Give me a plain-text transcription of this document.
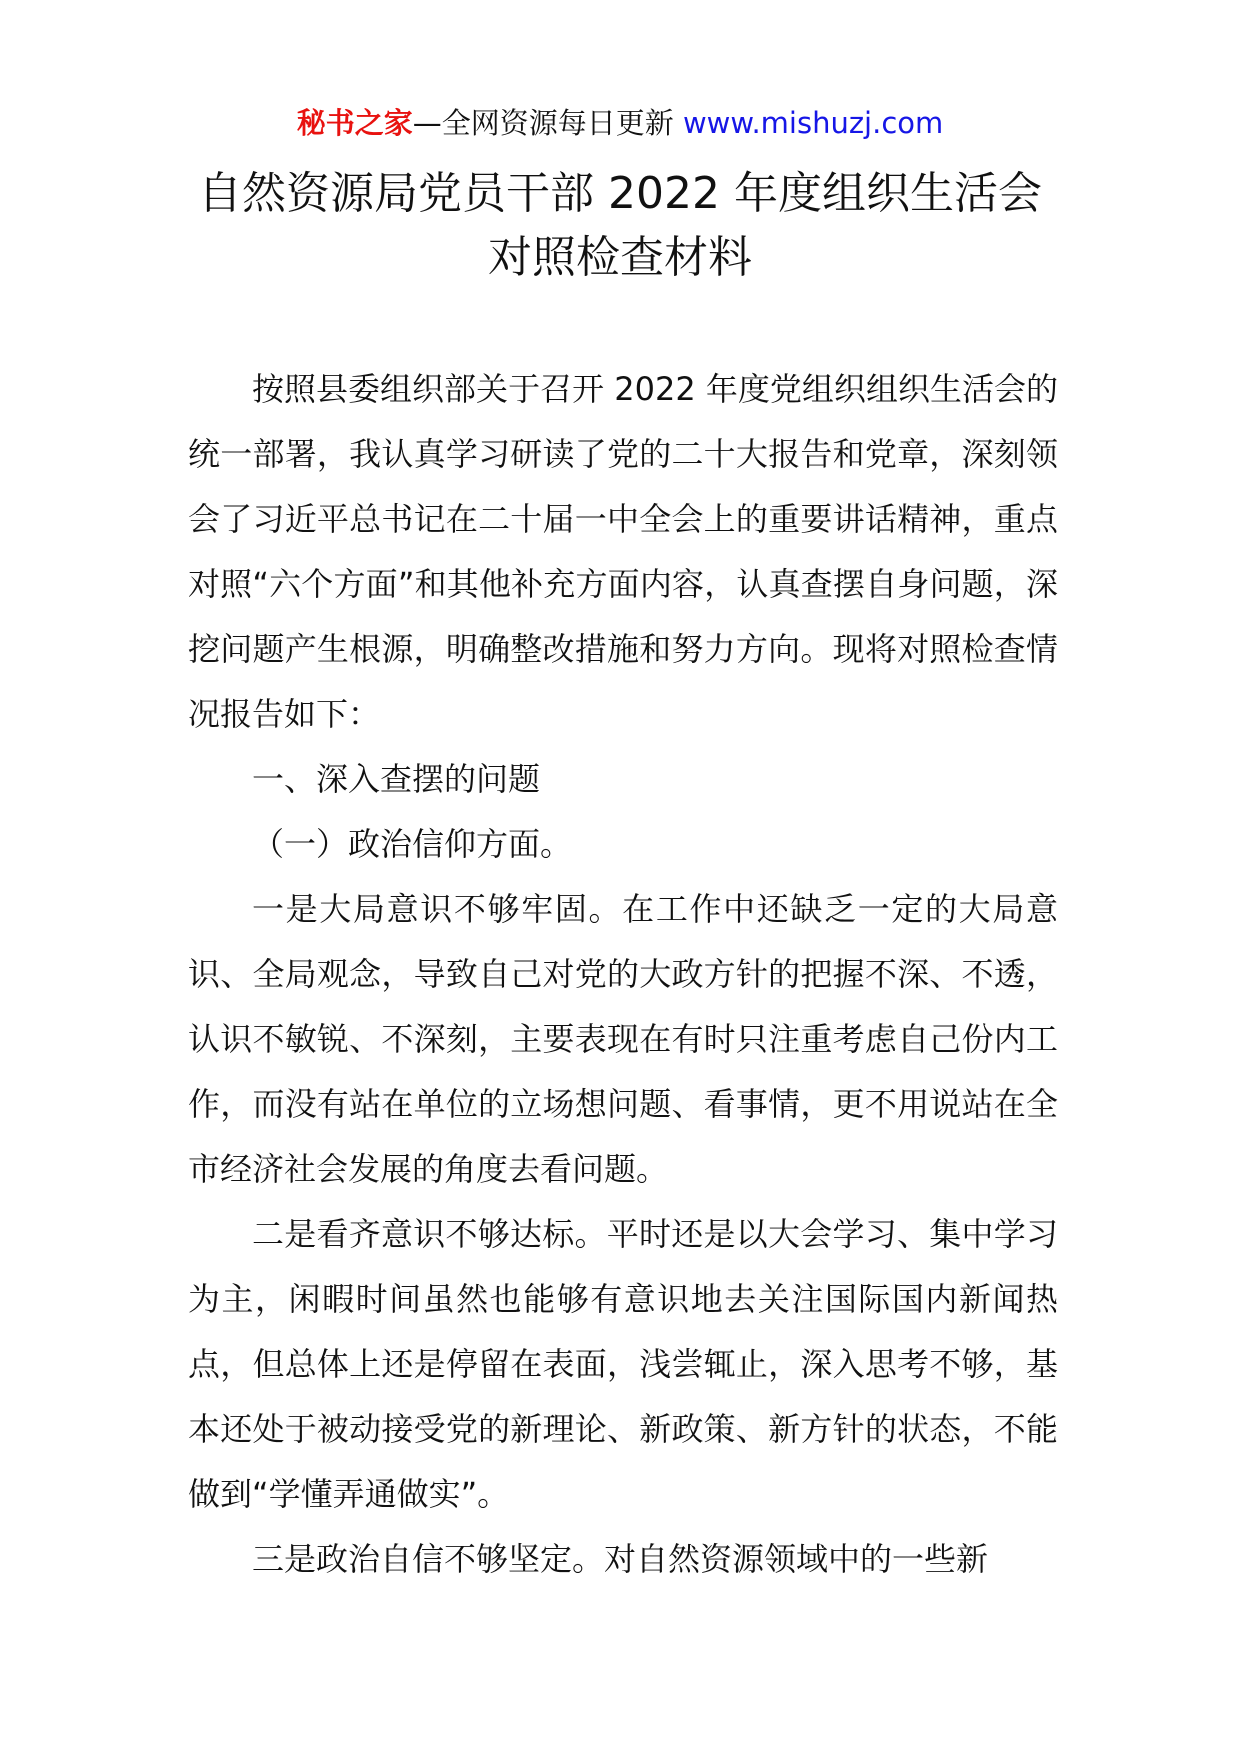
秘书之家—全网资源每日更新 www.mishuzj.com
自然资源局党员干部 2022 年度组织生活会
对照检查材料

按照县委组织部关于召开 2022 年度党组织组织生活会的统一部署，我认真学习研读了党的二十大报告和党章，深刻领会了习近平总书记在二十届一中全会上的重要讲话精神，重点对照“六个方面”和其他补充方面内容，认真查摆自身问题，深挖问题产生根源，明确整改措施和努力方向。现将对照检查情况报告如下：

一、深入查摆的问题

（一）政治信仰方面。

一是大局意识不够牢固。在工作中还缺乏一定的大局意识、全局观念，导致自己对党的大政方针的把握不深、不透，认识不敏锐、不深刻，主要表现在有时只注重考虑自己份内工作，而没有站在单位的立场想问题、看事情，更不用说站在全市经济社会发展的角度去看问题。

二是看齐意识不够达标。平时还是以大会学习、集中学习为主，闲暇时间虽然也能够有意识地去关注国际国内新闻热点，但总体上还是停留在表面，浅尝辄止，深入思考不够，基本还处于被动接受党的新理论、新政策、新方针的状态，不能做到“学懂弄通做实”。

三是政治自信不够坚定。对自然资源领域中的一些新
